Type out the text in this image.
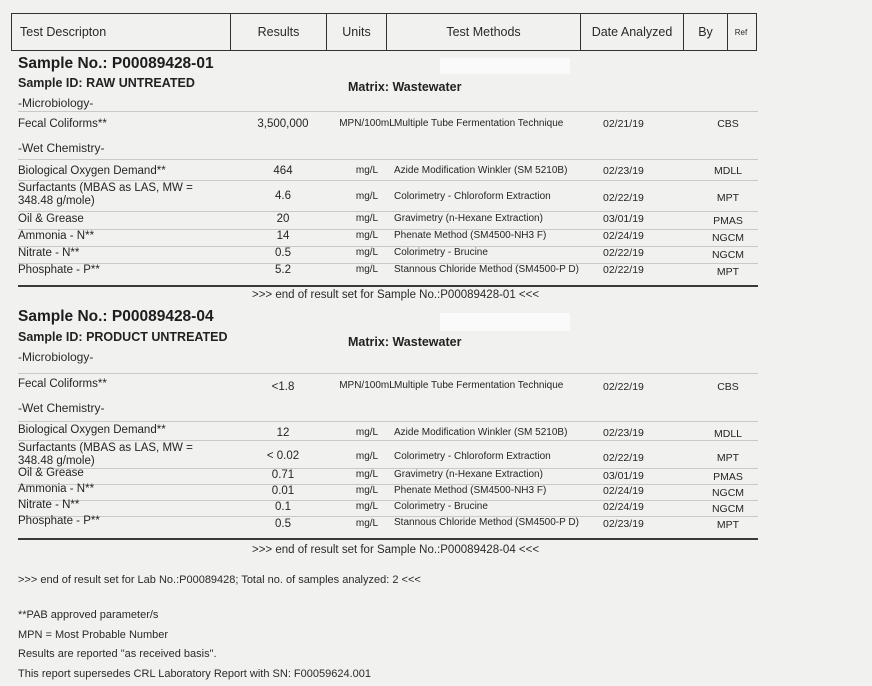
Test Descripton	Results	Units	Test Methods	Date Analyzed	By	Ref
Sample No.: P00089428-01
Sample ID: RAW UNTREATED	Matrix: Wastewater
-Microbiology-
Fecal Coliforms**	3,500,000	MPN/100mL Multiple Tube Fermentation Technique	02/21/19	CBS
-Wet Chemistry-
Biological Oxygen Demand**	464	mg/L	Azide Modification Winkler (SM 5210B)	02/23/19	MDLL
Surfactants (MBAS as LAS, MW = 348.48 g/mole)	4.6	mg/L	Colorimetry - Chloroform Extraction	02/22/19	MPT
Oil & Grease	20	mg/L	Gravimetry (n-Hexane Extraction)	03/01/19	PMAS
Ammonia - N**	14	mg/L	Phenate Method (SM4500-NH3 F)	02/24/19	NGCM
Nitrate - N**	0.5	mg/L	Colorimetry - Brucine	02/22/19	NGCM
Phosphate - P**	5.2	mg/L	Stannous Chloride Method (SM4500-P D) 02/22/19	MPT
>>> end of result set for Sample No.:P00089428-01 <<<
Sample No.: P00089428-04
Sample ID: PRODUCT UNTREATED	Matrix: Wastewater
-Microbiology-
Fecal Coliforms**	<1.8	MPN/100mL Multiple Tube Fermentation Technique	02/22/19	CBS
-Wet Chemistry-
Biological Oxygen Demand**	12	mg/L	Azide Modification Winkler (SM 5210B)	02/23/19	MDLL
Surfactants (MBAS as LAS, MW = 348.48 g/mole)	< 0.02	mg/L	Colorimetry - Chloroform Extraction	02/22/19	MPT
Oil & Grease	0.71	mg/L	Gravimetry (n-Hexane Extraction)	03/01/19	PMAS
Ammonia - N**	0.01	mg/L	Phenate Method (SM4500-NH3 F)	02/24/19	NGCM
Nitrate - N**	0.1	mg/L	Colorimetry - Brucine	02/24/19	NGCM
Phosphate - P**	0.5	mg/L	Stannous Chloride Method (SM4500-P D) 02/23/19	MPT
>>> end of result set for Sample No.:P00089428-04 <<<
>>> end of result set for Lab No.:P00089428; Total no. of samples analyzed: 2 <<<
**PAB approved parameter/s
MPN = Most Probable Number
Results are reported "as received basis".
This report supersedes CRL Laboratory Report with SN: F00059624.001
